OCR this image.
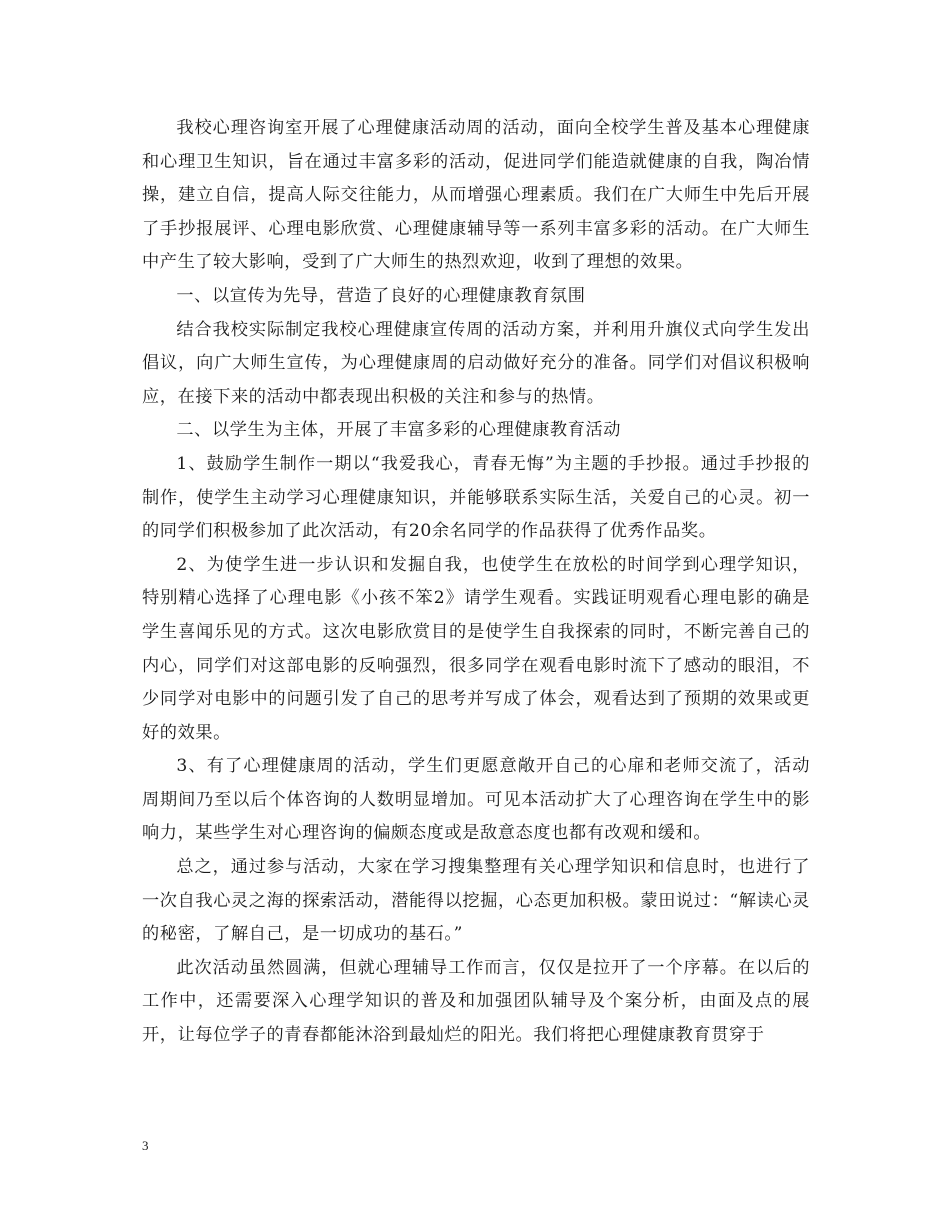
我校心理咨询室开展了心理健康活动周的活动，面向全校学生普及基本心理健康和心理卫生知识，旨在通过丰富多彩的活动，促进同学们能造就健康的自我，陶冶情操，建立自信，提高人际交往能力，从而增强心理素质。我们在广大师生中先后开展了手抄报展评、心理电影欣赏、心理健康辅导等一系列丰富多彩的活动。在广大师生中产生了较大影响，受到了广大师生的热烈欢迎，收到了理想的效果。

一、以宣传为先导，营造了良好的心理健康教育氛围

结合我校实际制定我校心理健康宣传周的活动方案，并利用升旗仪式向学生发出倡议，向广大师生宣传，为心理健康周的启动做好充分的准备。同学们对倡议积极响应，在接下来的活动中都表现出积极的关注和参与的热情。

二、以学生为主体，开展了丰富多彩的心理健康教育活动

1、鼓励学生制作一期以“我爱我心，青春无悔”为主题的手抄报。通过手抄报的制作，使学生主动学习心理健康知识，并能够联系实际生活，关爱自己的心灵。初一的同学们积极参加了此次活动，有20余名同学的作品获得了优秀作品奖。

2、为使学生进一步认识和发掘自我，也使学生在放松的时间学到心理学知识，特别精心选择了心理电影《小孩不笨2》请学生观看。实践证明观看心理电影的确是学生喜闻乐见的方式。这次电影欣赏目的是使学生自我探索的同时，不断完善自己的内心，同学们对这部电影的反响强烈，很多同学在观看电影时流下了感动的眼泪，不少同学对电影中的问题引发了自己的思考并写成了体会，观看达到了预期的效果或更好的效果。

3、有了心理健康周的活动，学生们更愿意敞开自己的心扉和老师交流了，活动周期间乃至以后个体咨询的人数明显增加。可见本活动扩大了心理咨询在学生中的影响力，某些学生对心理咨询的偏颇态度或是敌意态度也都有改观和缓和。

总之，通过参与活动，大家在学习搜集整理有关心理学知识和信息时，也进行了一次自我心灵之海的探索活动，潜能得以挖掘，心态更加积极。蒙田说过：“解读心灵的秘密，了解自己，是一切成功的基石。”

此次活动虽然圆满，但就心理辅导工作而言，仅仅是拉开了一个序幕。在以后的工作中，还需要深入心理学知识的普及和加强团队辅导及个案分析，由面及点的展开，让每位学子的青春都能沐浴到最灿烂的阳光。我们将把心理健康教育贯穿于

3
